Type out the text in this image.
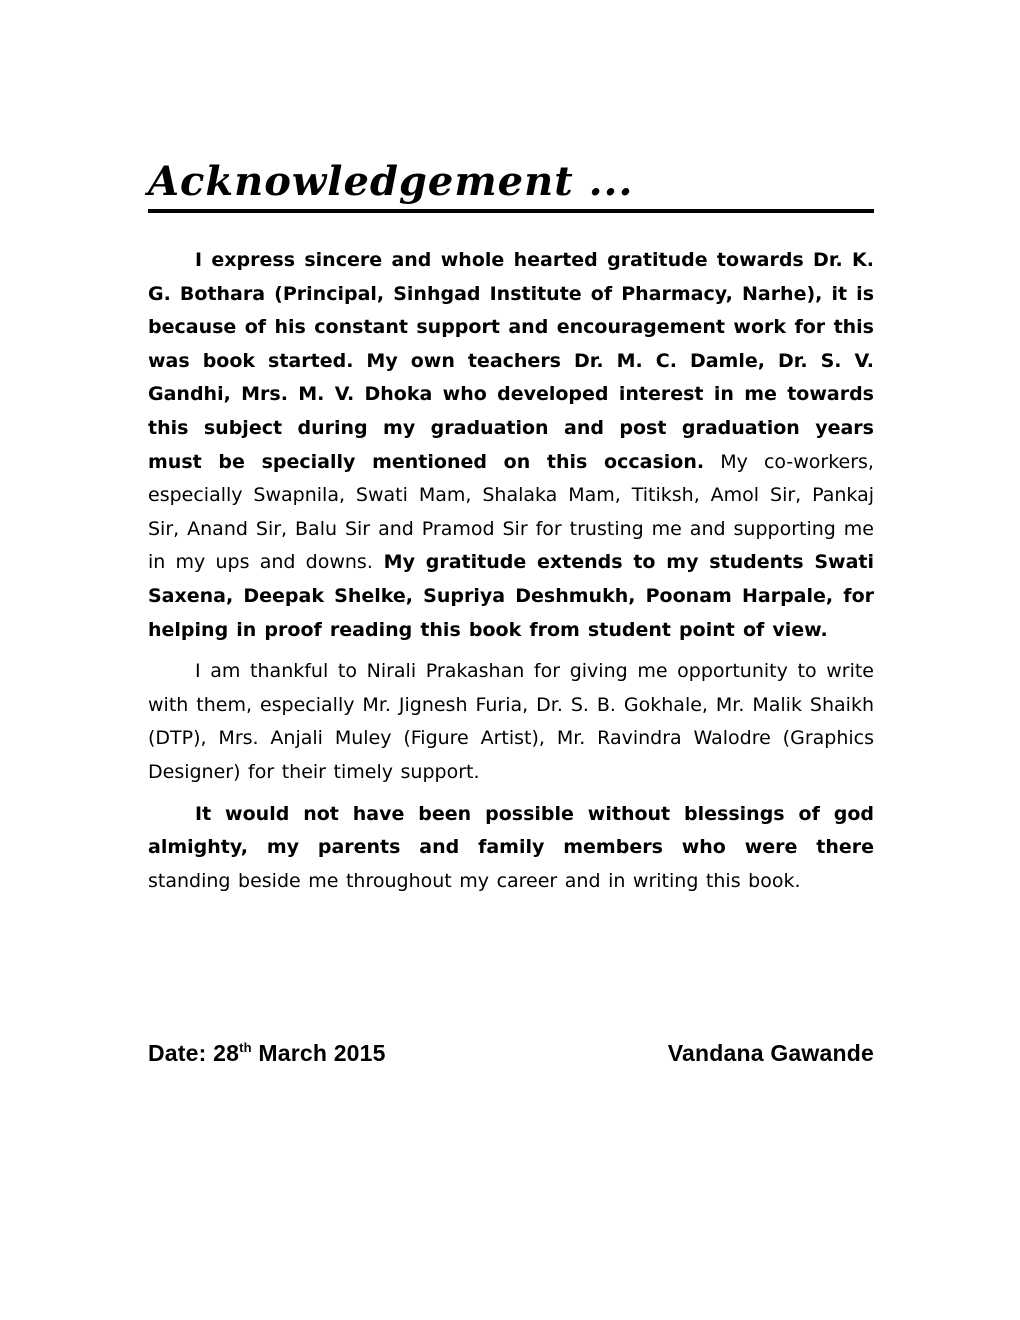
Acknowledgement ...

I express sincere and whole hearted gratitude towards Dr. K. G. Bothara (Principal, Sinhgad Institute of Pharmacy, Narhe), it is because of his constant support and encouragement work for this was book started. My own teachers Dr. M. C. Damle, Dr. S. V. Gandhi, Mrs. M. V. Dhoka who developed interest in me towards this subject during my graduation and post graduation years must be specially mentioned on this occasion. My co-workers, especially Swapnila, Swati Mam, Shalaka Mam, Titiksh, Amol Sir, Pankaj Sir, Anand Sir, Balu Sir and Pramod Sir for trusting me and supporting me in my ups and downs. My gratitude extends to my students Swati Saxena, Deepak Shelke, Supriya Deshmukh, Poonam Harpale, for helping in proof reading this book from student point of view.

I am thankful to Nirali Prakashan for giving me opportunity to write with them, especially Mr. Jignesh Furia, Dr. S. B. Gokhale, Mr. Malik Shaikh (DTP), Mrs. Anjali Muley (Figure Artist), Mr. Ravindra Walodre (Graphics Designer) for their timely support.

It would not have been possible without blessings of god almighty, my parents and family members who were there standing beside me throughout my career and in writing this book.

Date: 28th March 2015	Vandana Gawande
